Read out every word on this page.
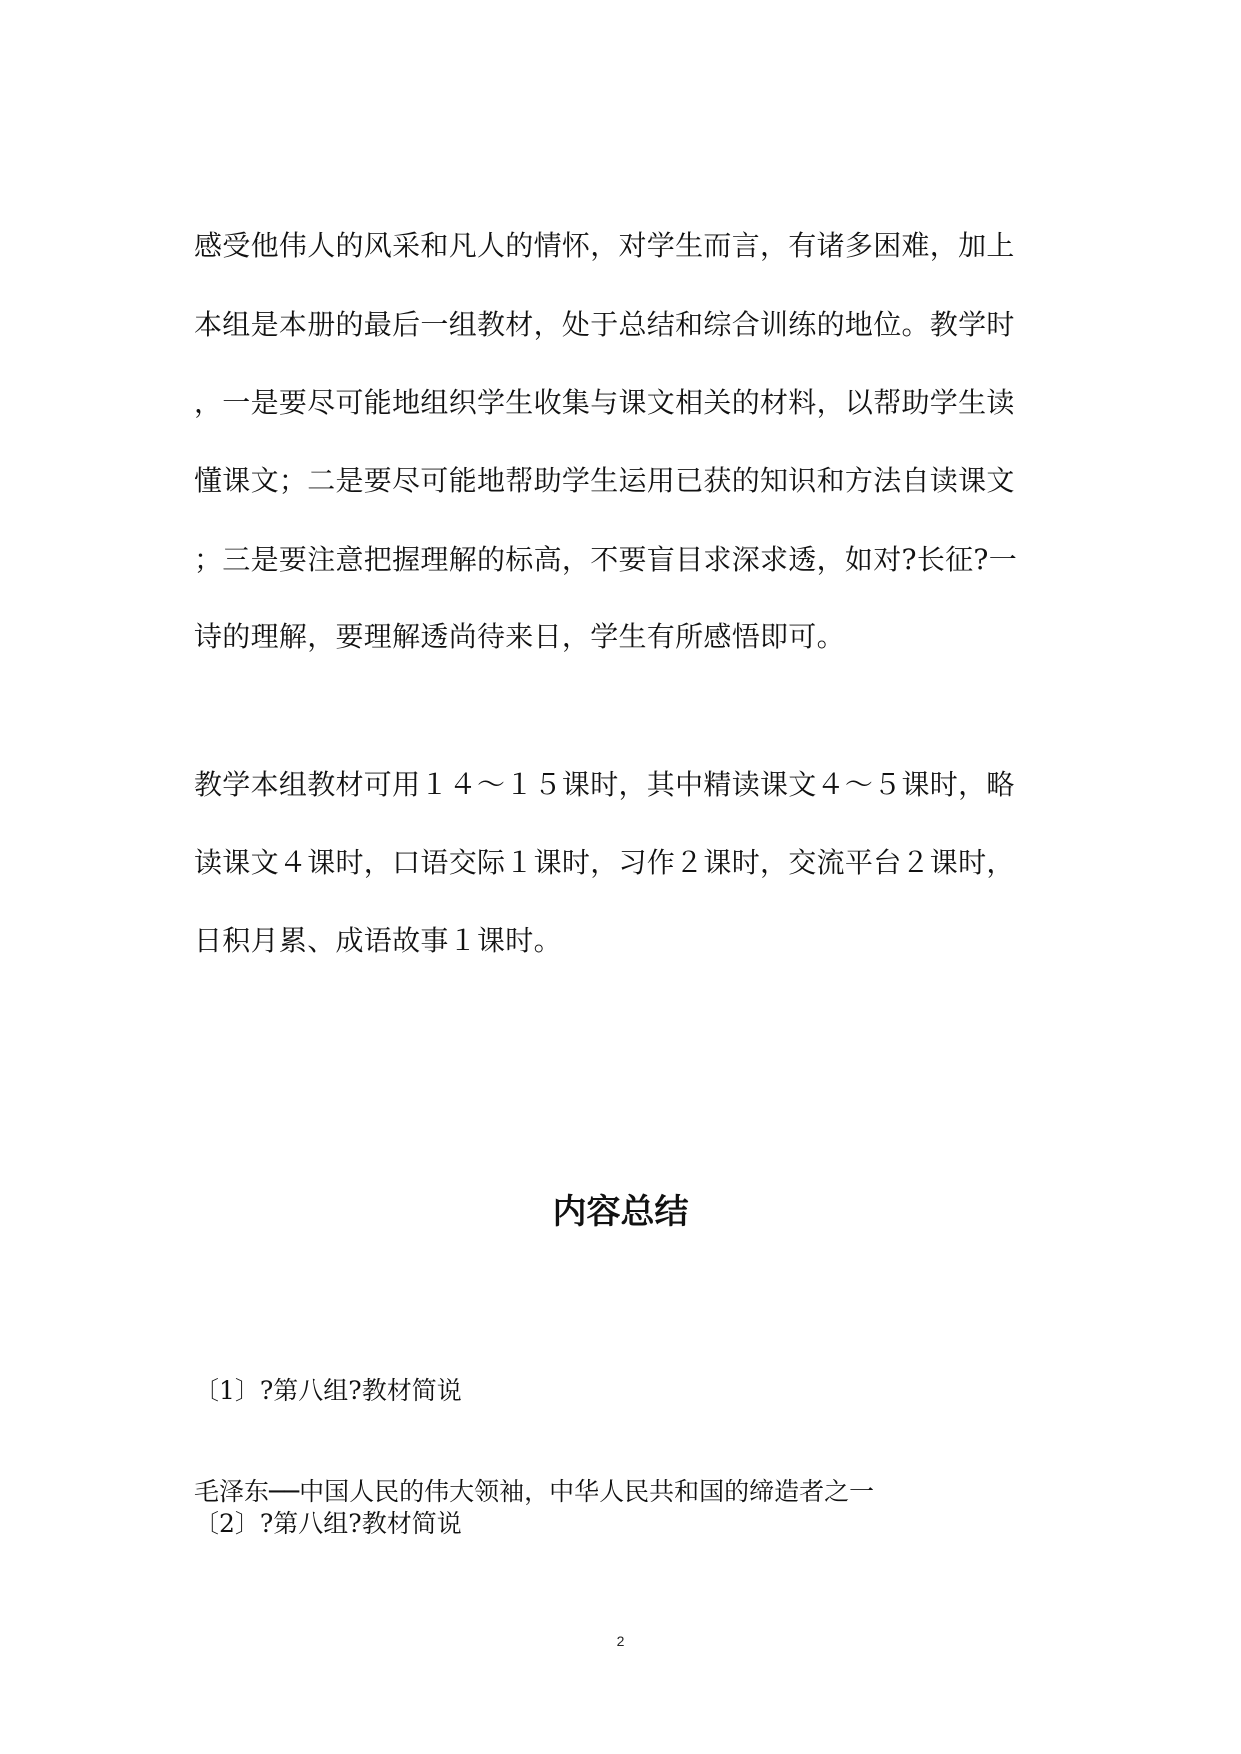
感受他伟人的风采和凡人的情怀，对学生而言，有诸多困难，加上
本组是本册的最后一组教材，处于总结和综合训练的地位。教学时
，一是要尽可能地组织学生收集与课文相关的材料，以帮助学生读
懂课文；二是要尽可能地帮助学生运用已获的知识和方法自读课文
；三是要注意把握理解的标高，不要盲目求深求透，如对?长征?一
诗的理解，要理解透尚待来日，学生有所感悟即可。
教学本组教材可用１４～１５课时，其中精读课文４～５课时，略
读课文４课时，口语交际１课时，习作２课时，交流平台２课时，
日积月累、成语故事１课时。
内容总结
〔1〕?第八组?教材简说
毛泽东──中国人民的伟大领袖，中华人民共和国的缔造者之一
〔2〕?第八组?教材简说
2
